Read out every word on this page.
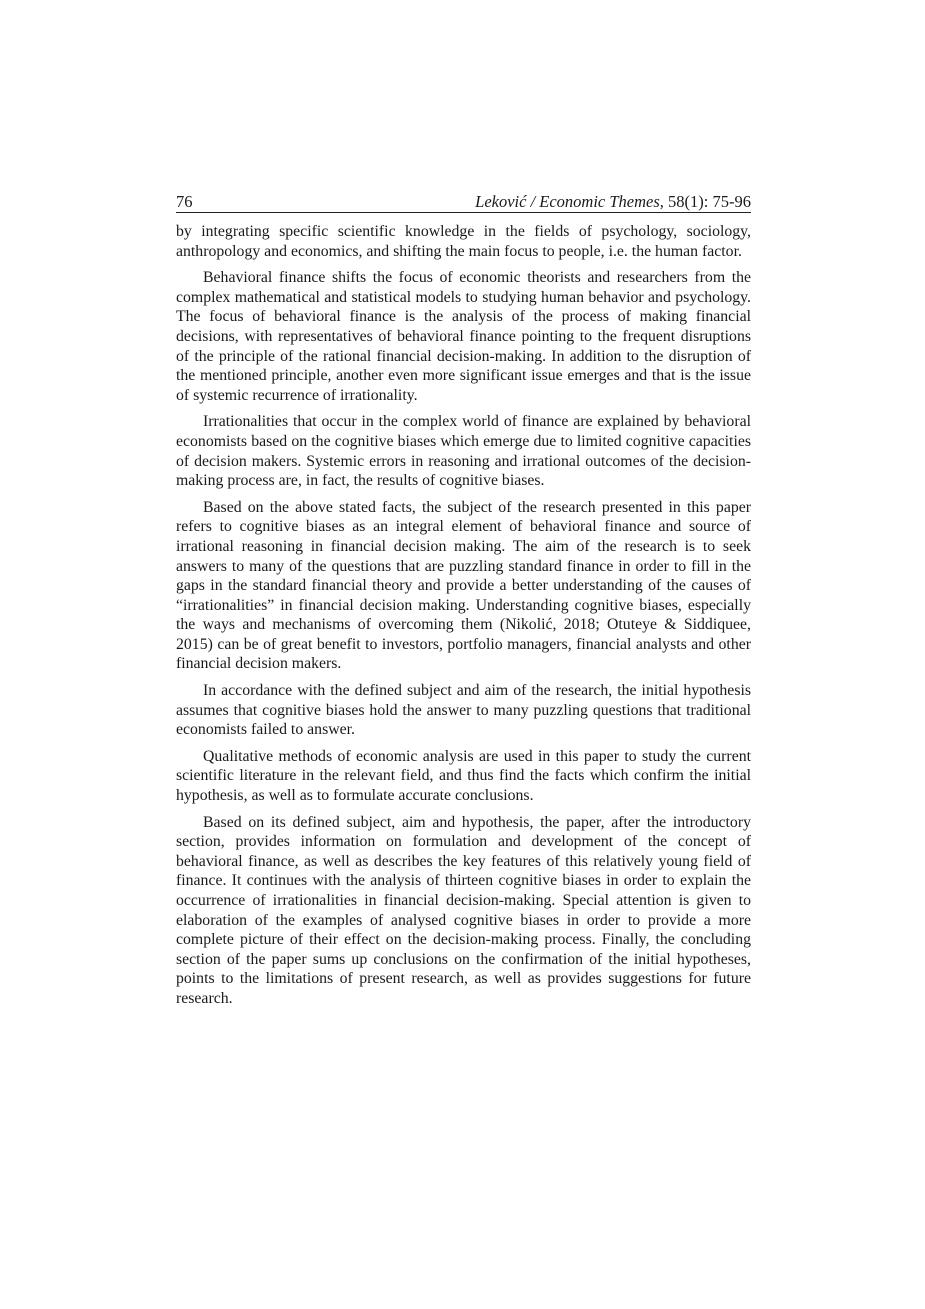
76	Leković / Economic Themes, 58(1): 75-96

by integrating specific scientific knowledge in the fields of psychology, sociology, anthropology and economics, and shifting the main focus to people, i.e. the human factor.

Behavioral finance shifts the focus of economic theorists and researchers from the complex mathematical and statistical models to studying human behavior and psychology. The focus of behavioral finance is the analysis of the process of making financial decisions, with representatives of behavioral finance pointing to the frequent disruptions of the principle of the rational financial decision-making. In addition to the disruption of the mentioned principle, another even more significant issue emerges and that is the issue of systemic recurrence of irrationality.

Irrationalities that occur in the complex world of finance are explained by behavioral economists based on the cognitive biases which emerge due to limited cognitive capacities of decision makers. Systemic errors in reasoning and irrational outcomes of the decision-making process are, in fact, the results of cognitive biases.

Based on the above stated facts, the subject of the research presented in this paper refers to cognitive biases as an integral element of behavioral finance and source of irrational reasoning in financial decision making. The aim of the research is to seek answers to many of the questions that are puzzling standard finance in order to fill in the gaps in the standard financial theory and provide a better understanding of the causes of “irrationalities” in financial decision making. Understanding cognitive biases, especially the ways and mechanisms of overcoming them (Nikolić, 2018; Otuteye & Siddiquee, 2015) can be of great benefit to investors, portfolio managers, financial analysts and other financial decision makers.

In accordance with the defined subject and aim of the research, the initial hypothesis assumes that cognitive biases hold the answer to many puzzling questions that traditional economists failed to answer.

Qualitative methods of economic analysis are used in this paper to study the current scientific literature in the relevant field, and thus find the facts which confirm the initial hypothesis, as well as to formulate accurate conclusions.

Based on its defined subject, aim and hypothesis, the paper, after the introductory section, provides information on formulation and development of the concept of behavioral finance, as well as describes the key features of this relatively young field of finance. It continues with the analysis of thirteen cognitive biases in order to explain the occurrence of irrationalities in financial decision-making. Special attention is given to elaboration of the examples of analysed cognitive biases in order to provide a more complete picture of their effect on the decision-making process. Finally, the concluding section of the paper sums up conclusions on the confirmation of the initial hypotheses, points to the limitations of present research, as well as provides suggestions for future research.
